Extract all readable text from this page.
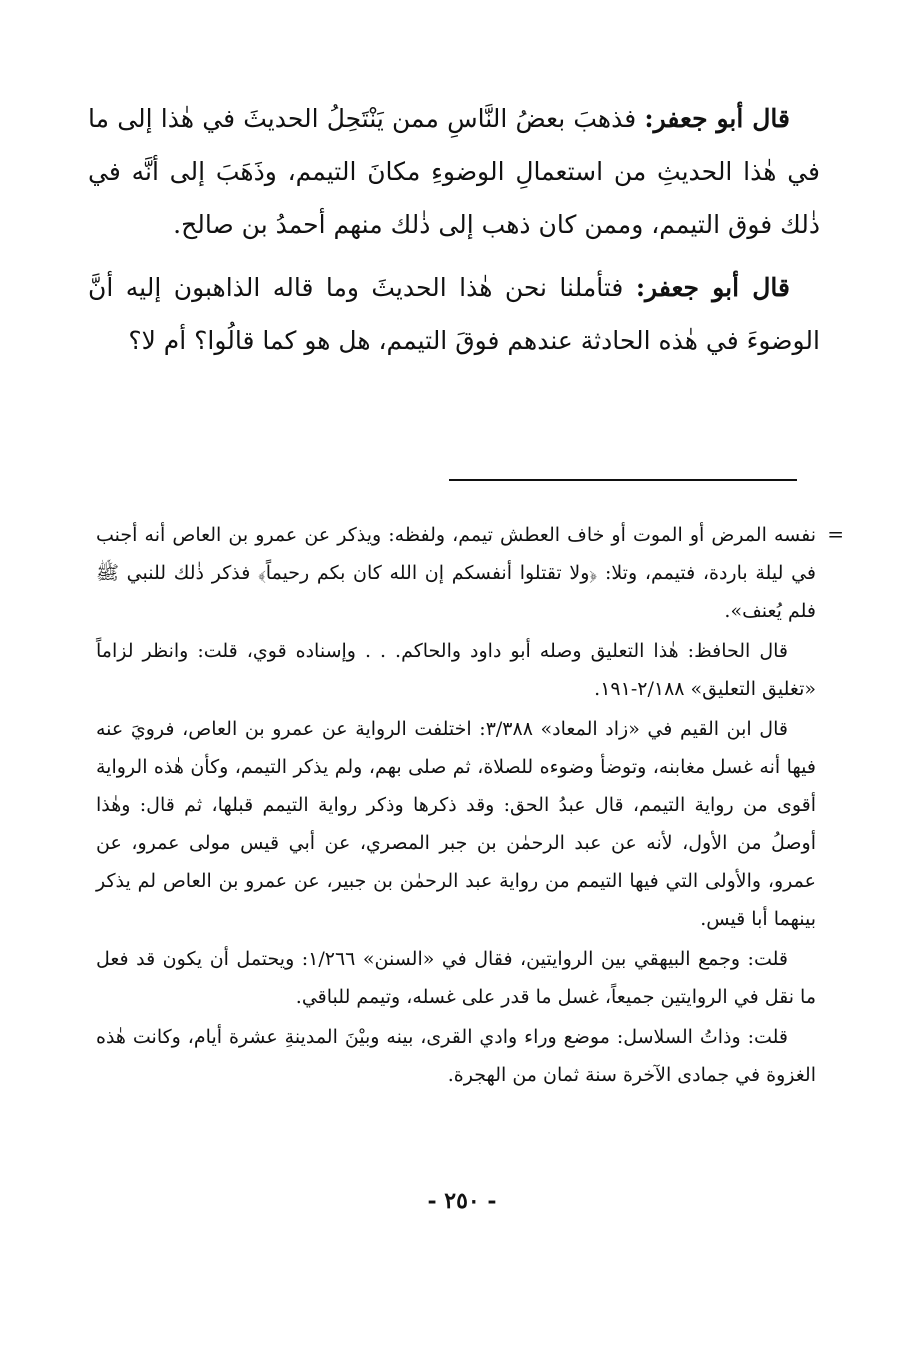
قال أبو جعفر: فذهبَ بعضُ النَّاسِ ممن يَنْتَحِلُ الحديثَ في هٰذا إلى ما في هٰذا الحديثِ من استعمالِ الوضوءِ مكانَ التيمم، وذَهَبَ إلى أنَّه في ذٰلك فوق التيمم، وممن كان ذهب إلى ذٰلك منهم أحمدُ بن صالح.

قال أبو جعفر: فتأملنا نحن هٰذا الحديثَ وما قاله الذاهبون إليه أنَّ الوضوءَ في هٰذه الحادثة عندهم فوقَ التيمم، هل هو كما قالُوا؟ أم لا؟

=
نفسه المرض أو الموت أو خاف العطش تيمم، ولفظه: ويذكر عن عمرو بن العاص أنه أجنب في ليلة باردة، فتيمم، وتلا: ﴿ولا تقتلوا أنفسكم إن الله كان بكم رحيماً﴾ فذكر ذٰلك للنبي ﷺ فلم يُعنف».

قال الحافظ: هٰذا التعليق وصله أبو داود والحاكم. . . وإسناده قوي، قلت: وانظر لزاماً «تغليق التعليق» ٢/١٨٨-١٩١.

قال ابن القيم في «زاد المعاد» ٣/٣٨٨: اختلفت الرواية عن عمرو بن العاص، فرويَ عنه فيها أنه غسل مغابنه، وتوضأ وضوءه للصلاة، ثم صلى بهم، ولم يذكر التيمم، وكأن هٰذه الرواية أقوى من رواية التيمم، قال عبدُ الحق: وقد ذكرها وذكر رواية التيمم قبلها، ثم قال: وهٰذا أوصلُ من الأول، لأنه عن عبد الرحمٰن بن جبر المصري، عن أبي قيس مولى عمرو، عن عمرو، والأولى التي فيها التيمم من رواية عبد الرحمٰن بن جبير، عن عمرو بن العاص لم يذكر بينهما أبا قيس.

قلت: وجمع البيهقي بين الروايتين، فقال في «السنن» ١/٢٦٦: ويحتمل أن يكون قد فعل ما نقل في الروايتين جميعاً، غسل ما قدر على غسله، وتيمم للباقي.

قلت: وذاتُ السلاسل: موضع وراء وادي القرى، بينه وبيْنَ المدينةِ عشرة أيام، وكانت هٰذه الغزوة في جمادى الآخرة سنة ثمان من الهجرة.

- ٢٥٠ -
